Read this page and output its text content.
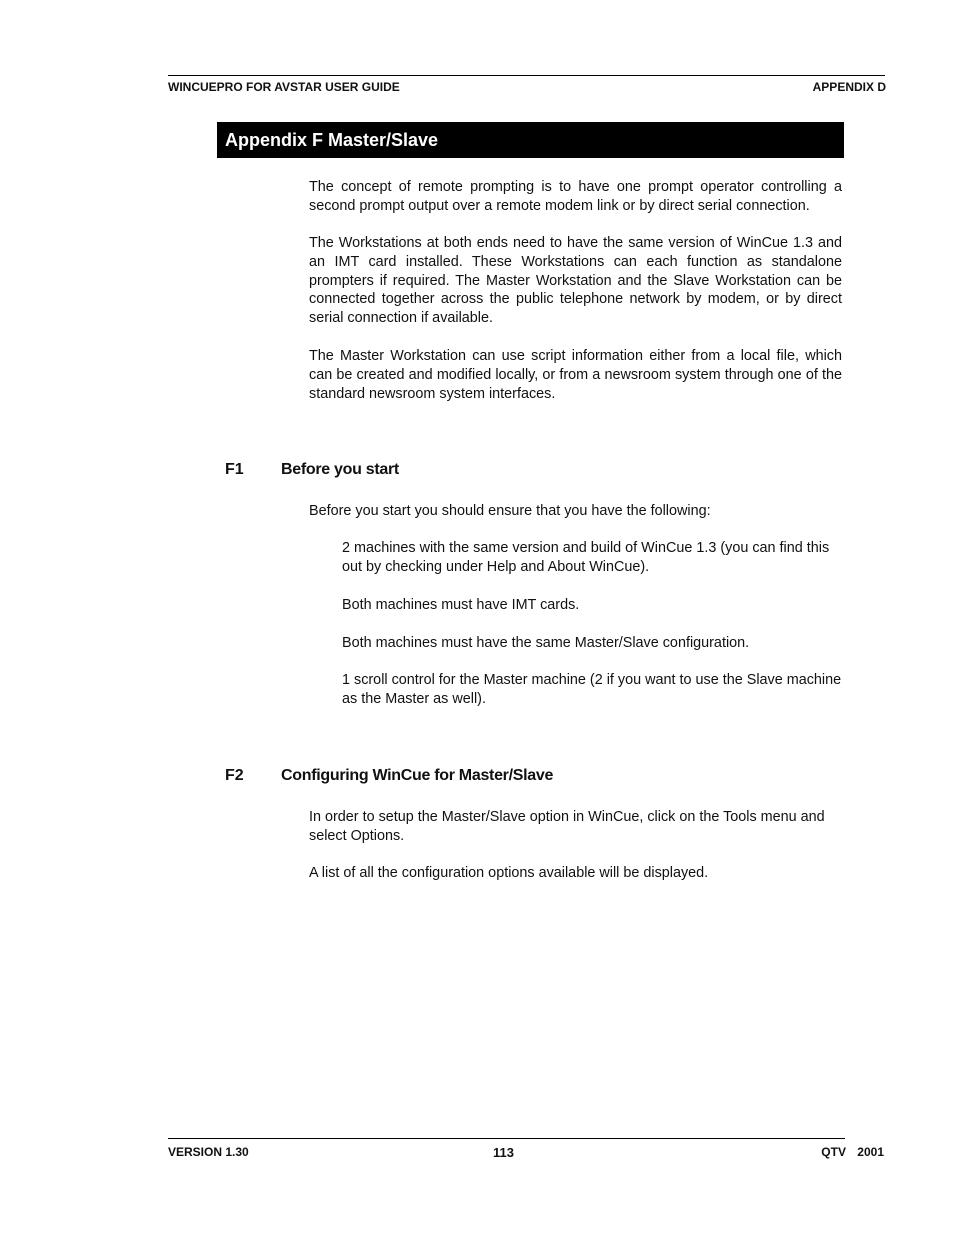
WINCUEPRO FOR AVSTAR USER GUIDE	APPENDIX D
Appendix F Master/Slave

The concept of remote prompting is to have one prompt operator controlling a second prompt output over a remote modem link or by direct serial connection.

The Workstations at both ends need to have the same version of WinCue 1.3 and an IMT card installed. These Workstations can each function as standalone prompters if required. The Master Workstation and the Slave Workstation can be connected together across the public telephone network by modem, or by direct serial connection if available.

The Master Workstation can use script information either from a local file, which can be created and modified locally, or from a newsroom system through one of the standard newsroom system interfaces.

F1 Before you start

Before you start you should ensure that you have the following:

2 machines with the same version and build of WinCue 1.3 (you can find this out by checking under Help and About WinCue).

Both machines must have IMT cards.

Both machines must have the same Master/Slave configuration.

1 scroll control for the Master machine (2 if you want to use the Slave machine as the Master as well).

F2 Configuring WinCue for Master/Slave

In order to setup the Master/Slave option in WinCue, click on the Tools menu and select Options.

A list of all the configuration options available will be displayed.

VERSION 1.30	113	QTV 2001
